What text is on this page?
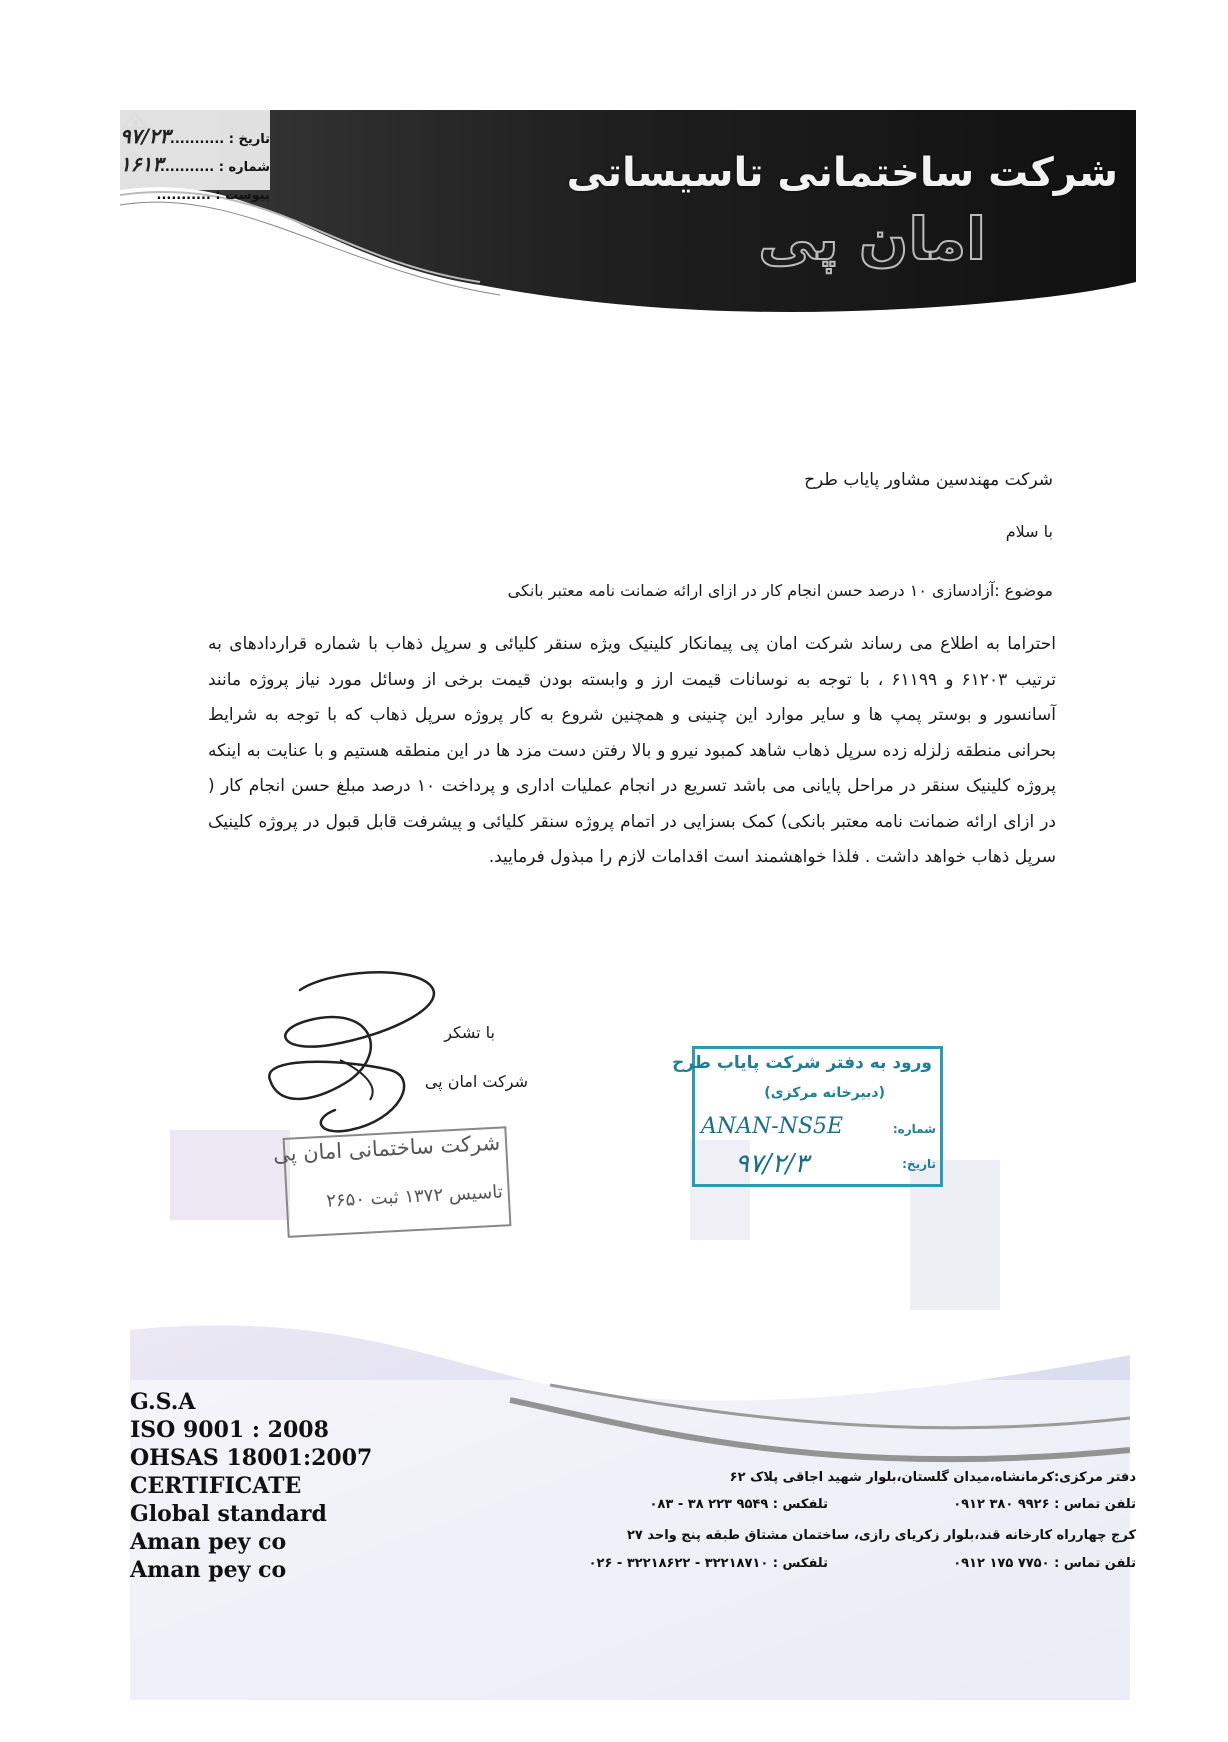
شرکت ساختمانی تاسیساتی
امان پی
تاریخ : ...........
۹۷/۲۳
شماره : ...........
۱۶۱۳
پیوست : ...........
شرکت مهندسین مشاور پایاب طرح
با سلام
موضوع :آزادسازی ۱۰ درصد حسن انجام کار در ازای ارائه ضمانت نامه معتبر بانکی
احتراما به اطلاع می رساند شرکت امان پی پیمانکار کلینیک ویژه سنقر کلیائی و سرپل ذهاب با شماره قراردادهای به ترتیب ۶۱۲۰۳ و ۶۱۱۹۹ ، با توجه به نوسانات قیمت ارز و وابسته بودن قیمت برخی از وسائل مورد نیاز پروژه مانند آسانسور و بوستر پمپ ها و سایر موارد این چنینی و همچنین شروع به کار پروژه سرپل ذهاب که با توجه به شرایط بحرانی منطقه زلزله زده سرپل ذهاب شاهد کمبود نیرو و بالا رفتن دست مزد ها در این منطقه هستیم و با عنایت به اینکه پروژه کلینیک سنقر در مراحل پایانی می باشد تسریع در انجام عملیات اداری و پرداخت ۱۰ درصد مبلغ حسن انجام کار ( در ازای ارائه ضمانت نامه معتبر بانکی) کمک بسزایی در اتمام پروژه سنقر کلیائی و پیشرفت قابل قبول در پروژه کلینیک سرپل ذهاب خواهد داشت . فلذا خواهشمند است اقدامات لازم را مبذول فرمایید.
با تشکر
شرکت امان پی
شرکت ساختمانی امان پی
تاسیس ۱۳۷۲ ثبت ۲۶۵۰
ورود به دفتر شرکت پایاب طرح
(دبیرخانه مرکزی)
شماره:
ANAN-NS5E
تاریخ:
۹۷/۲/۳
G.S.A
ISO 9001 : 2008
OHSAS 18001:2007
CERTIFICATE
Global standard
Aman pey co
Aman pey co
دفتر مرکزی:کرمانشاه،میدان گلستان،بلوار شهید اجاقی پلاک ۶۲
تلفن تماس : ۹۹۲۶ ۳۸۰ ۰۹۱۲
تلفکس : ۹۵۴۹ ۲۲۳ ۳۸ - ۰۸۳
کرج چهارراه کارخانه قند،بلوار زکریای رازی، ساختمان مشتاق طبقه پنج واحد ۲۷
تلفن تماس : ۷۷۵۰ ۱۷۵ ۰۹۱۲
تلفکس : ۳۲۲۱۸۷۱۰ - ۳۲۲۱۸۶۲۲ - ۰۲۶
